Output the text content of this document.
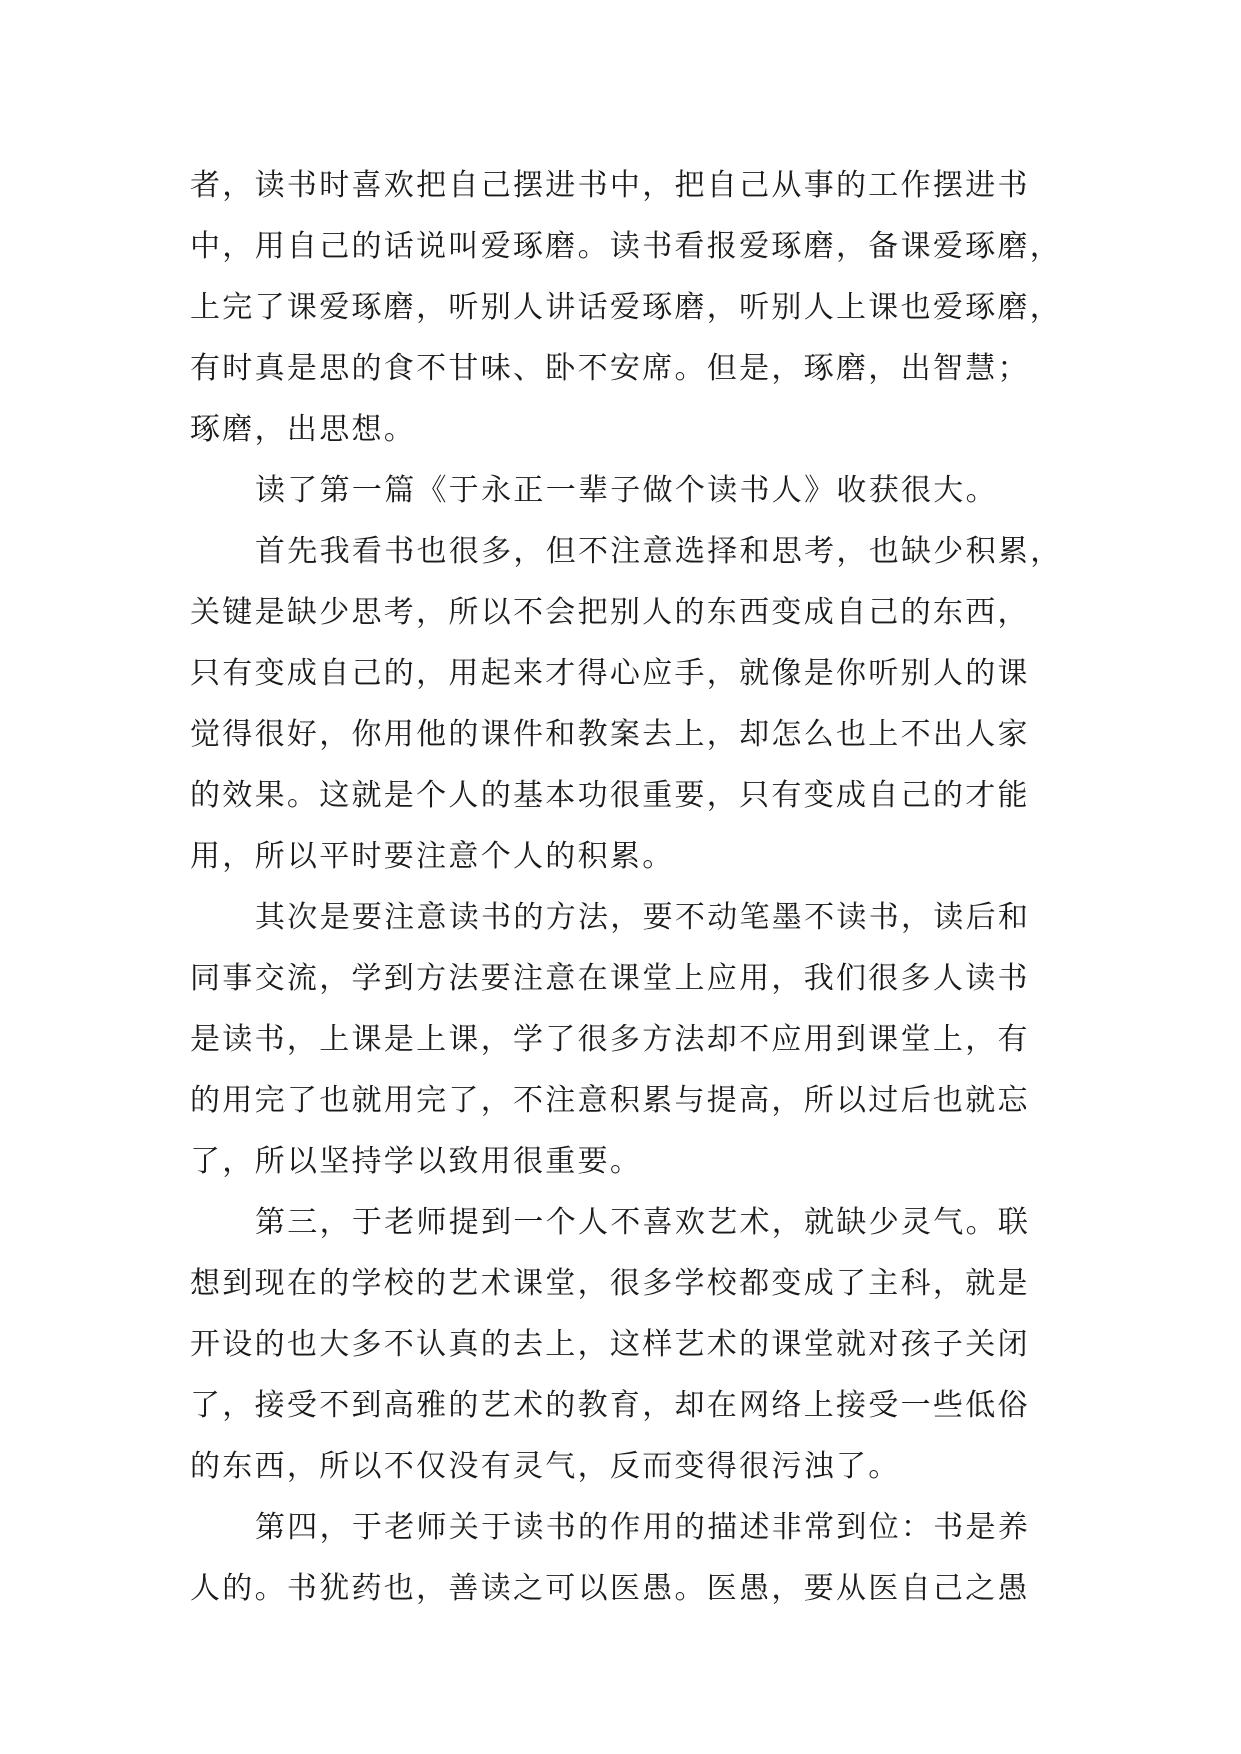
者，读书时喜欢把自己摆进书中，把自己从事的工作摆进书
中，用自己的话说叫爱琢磨。读书看报爱琢磨，备课爱琢磨，
上完了课爱琢磨，听别人讲话爱琢磨，听别人上课也爱琢磨，
有时真是思的食不甘味、卧不安席。但是，琢磨，出智慧；
琢磨，出思想。
读了第一篇《于永正一辈子做个读书人》收获很大。
首先我看书也很多，但不注意选择和思考，也缺少积累，
关键是缺少思考，所以不会把别人的东西变成自己的东西，
只有变成自己的，用起来才得心应手，就像是你听别人的课
觉得很好，你用他的课件和教案去上，却怎么也上不出人家
的效果。这就是个人的基本功很重要，只有变成自己的才能
用，所以平时要注意个人的积累。
其次是要注意读书的方法，要不动笔墨不读书，读后和
同事交流，学到方法要注意在课堂上应用，我们很多人读书
是读书，上课是上课，学了很多方法却不应用到课堂上，有
的用完了也就用完了，不注意积累与提高，所以过后也就忘
了，所以坚持学以致用很重要。
第三，于老师提到一个人不喜欢艺术，就缺少灵气。联
想到现在的学校的艺术课堂，很多学校都变成了主科，就是
开设的也大多不认真的去上，这样艺术的课堂就对孩子关闭
了，接受不到高雅的艺术的教育，却在网络上接受一些低俗
的东西，所以不仅没有灵气，反而变得很污浊了。
第四，于老师关于读书的作用的描述非常到位：书是养
人的。书犹药也，善读之可以医愚。医愚，要从医自己之愚
